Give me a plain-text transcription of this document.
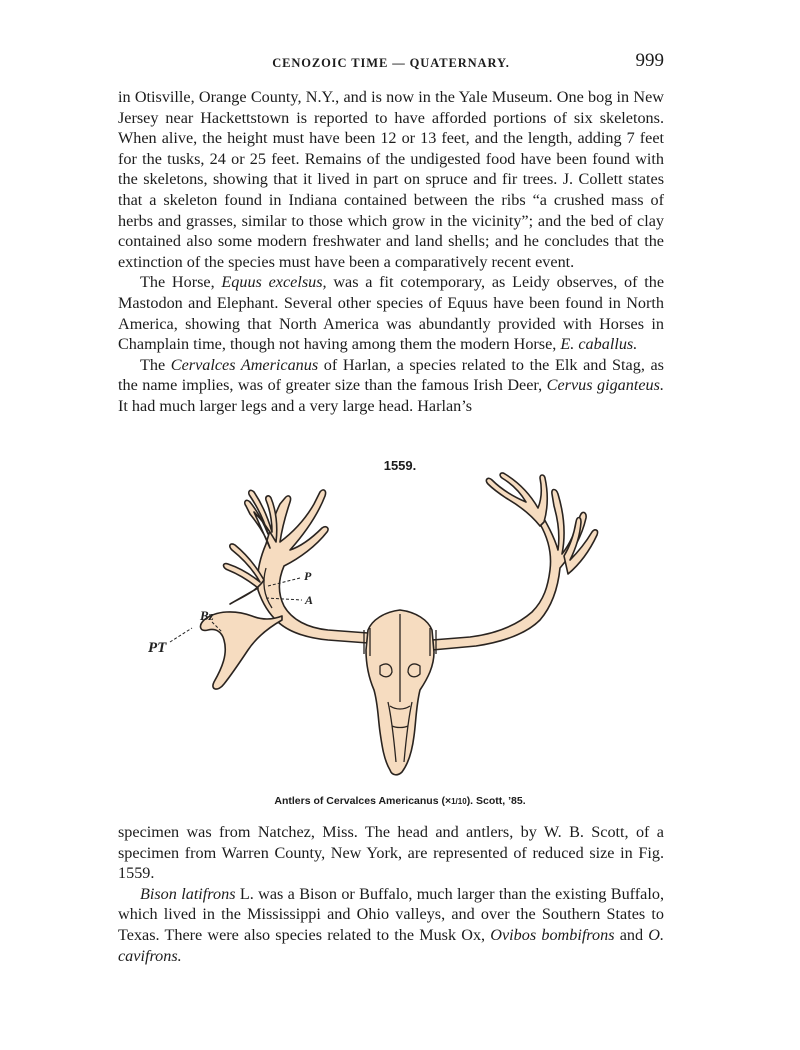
CENOZOIC TIME — QUATERNARY.	999

in Otisville, Orange County, N.Y., and is now in the Yale Museum. One bog in New Jersey near Hackettstown is reported to have afforded portions of six skeletons. When alive, the height must have been 12 or 13 feet, and the length, adding 7 feet for the tusks, 24 or 25 feet. Remains of the undigested food have been found with the skeletons, showing that it lived in part on spruce and fir trees. J. Collett states that a skeleton found in Indiana contained between the ribs “a crushed mass of herbs and grasses, similar to those which grow in the vicinity”; and the bed of clay contained also some modern freshwater and land shells; and he concludes that the extinction of the species must have been a comparatively recent event.

The Horse, Equus excelsus, was a fit cotemporary, as Leidy observes, of the Mastodon and Elephant. Several other species of Equus have been found in North America, showing that North America was abundantly provided with Horses in Champlain time, though not having among them the modern Horse, E. caballus.

The Cervalces Americanus of Harlan, a species related to the Elk and Stag, as the name implies, was of greater size than the famous Irish Deer, Cervus giganteus. It had much larger legs and a very large head. Harlan’s

1559.
P
A
Bz
PT
Antlers of Cervalces Americanus (×1/10). Scott, ’85.

specimen was from Natchez, Miss. The head and antlers, by W. B. Scott, of a specimen from Warren County, New York, are represented of reduced size in Fig. 1559.

Bison latifrons L. was a Bison or Buffalo, much larger than the existing Buffalo, which lived in the Mississippi and Ohio valleys, and over the Southern States to Texas. There were also species related to the Musk Ox, Ovibos bombifrons and O. cavifrons.
